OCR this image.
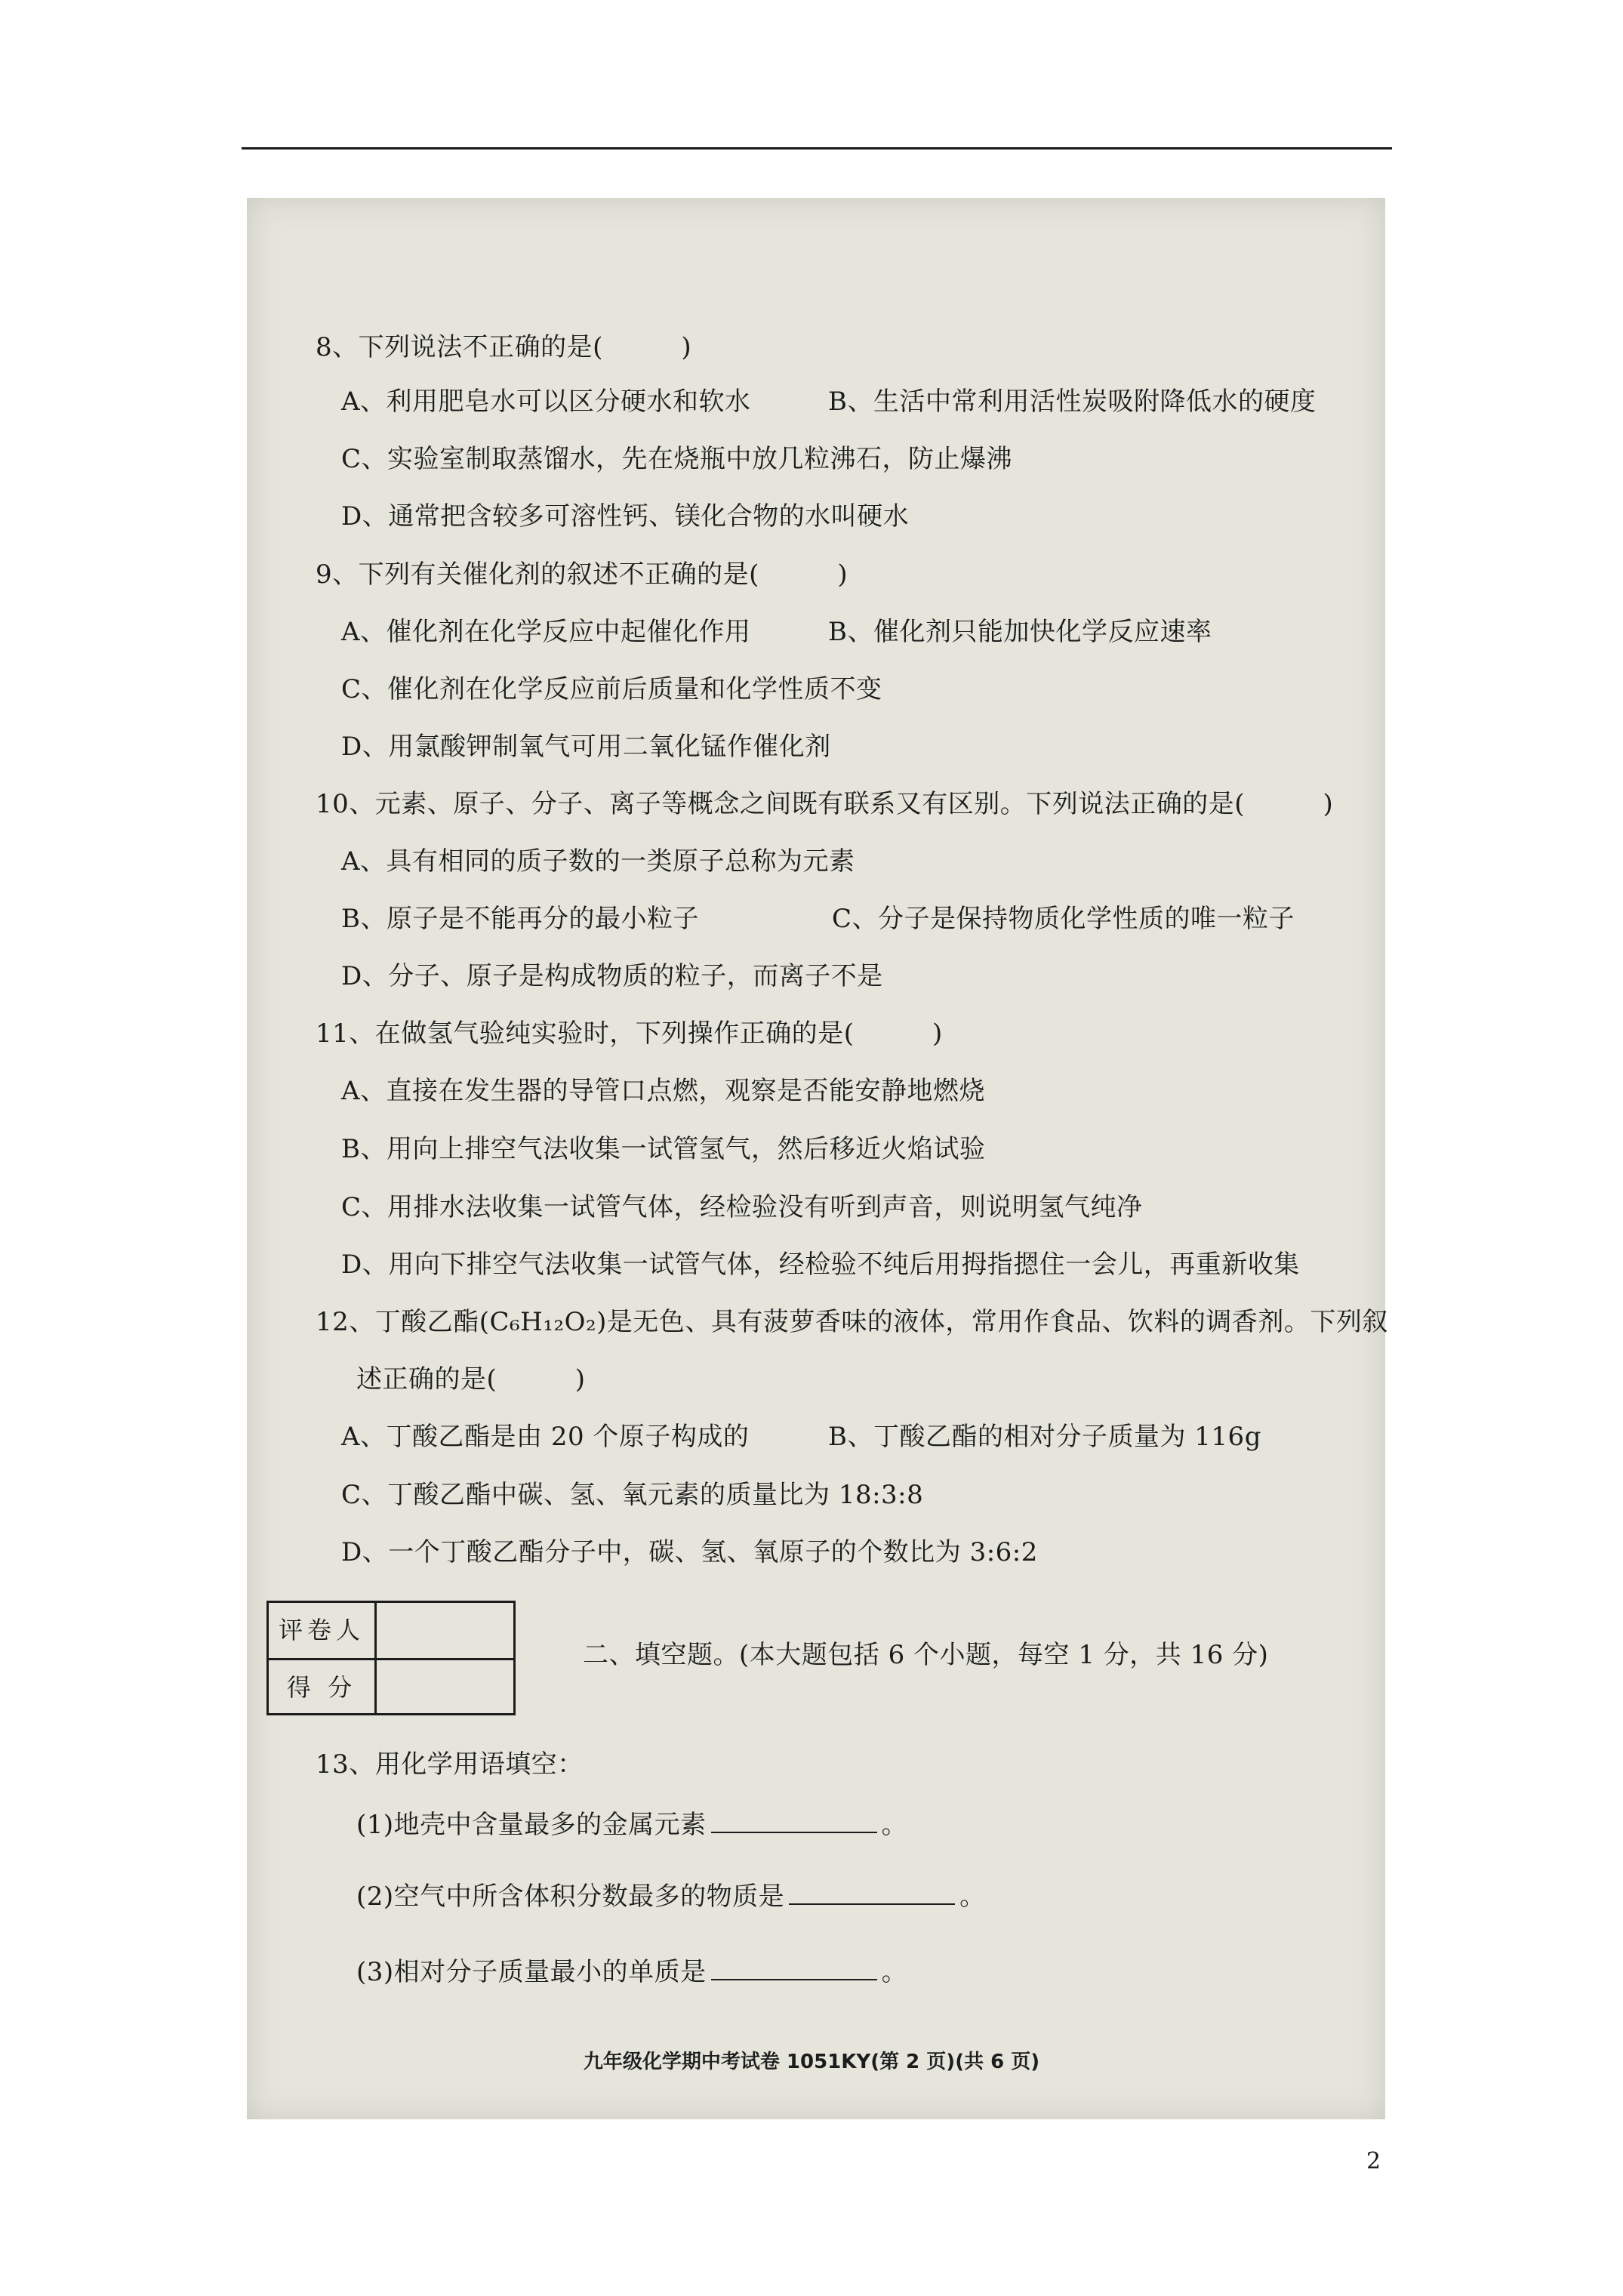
8、下列说法不正确的是(　　　)
A、利用肥皂水可以区分硬水和软水	B、生活中常利用活性炭吸附降低水的硬度
C、实验室制取蒸馏水，先在烧瓶中放几粒沸石，防止爆沸
D、通常把含较多可溶性钙、镁化合物的水叫硬水
9、下列有关催化剂的叙述不正确的是(　　　)
A、催化剂在化学反应中起催化作用	B、催化剂只能加快化学反应速率
C、催化剂在化学反应前后质量和化学性质不变
D、用氯酸钾制氧气可用二氧化锰作催化剂
10、元素、原子、分子、离子等概念之间既有联系又有区别。下列说法正确的是(　　　)
A、具有相同的质子数的一类原子总称为元素
B、原子是不能再分的最小粒子	C、分子是保持物质化学性质的唯一粒子
D、分子、原子是构成物质的粒子，而离子不是
11、在做氢气验纯实验时，下列操作正确的是(　　　)
A、直接在发生器的导管口点燃，观察是否能安静地燃烧
B、用向上排空气法收集一试管氢气，然后移近火焰试验
C、用排水法收集一试管气体，经检验没有听到声音，则说明氢气纯净
D、用向下排空气法收集一试管气体，经检验不纯后用拇指摁住一会儿，再重新收集
12、丁酸乙酯(C₆H₁₂O₂)是无色、具有菠萝香味的液体，常用作食品、饮料的调香剂。下列叙
述正确的是(　　　)
A、丁酸乙酯是由 20 个原子构成的	B、丁酸乙酯的相对分子质量为 116g
C、丁酸乙酯中碳、氢、氧元素的质量比为 18:3:8
D、一个丁酸乙酯分子中，碳、氢、氧原子的个数比为 3:6:2
评卷人
得 分
二、填空题。(本大题包括 6 个小题，每空 1 分，共 16 分)
13、用化学用语填空：
(1)地壳中含量最多的金属元素	。
(2)空气中所含体积分数最多的物质是	。
(3)相对分子质量最小的单质是	。
九年级化学期中考试卷 1051KY(第 2 页)(共 6 页)
2
